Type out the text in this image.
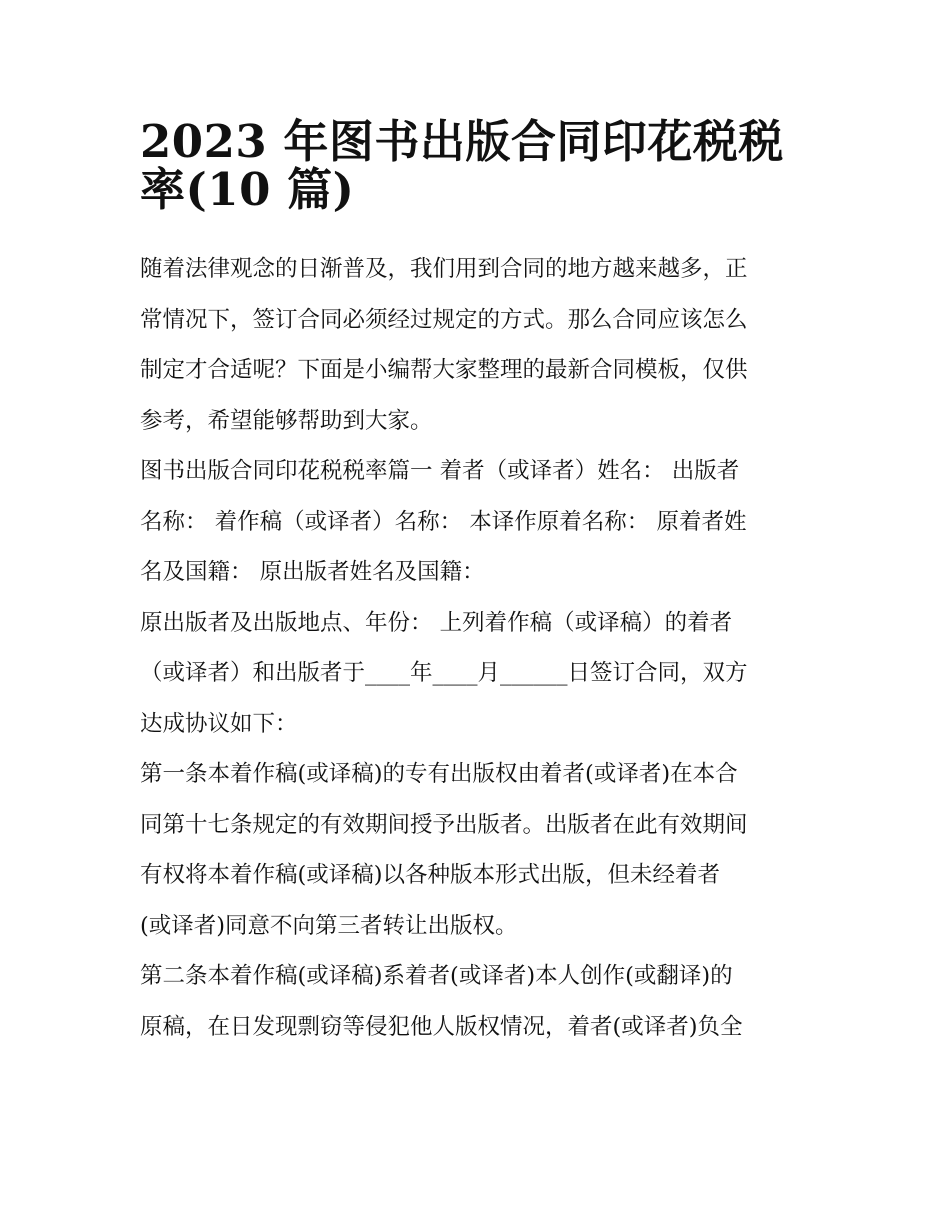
2023 年图书出版合同印花税税
率(10 篇)
随着法律观念的日渐普及，我们用到合同的地方越来越多，正
常情况下，签订合同必须经过规定的方式。那么合同应该怎么
制定才合适呢？下面是小编帮大家整理的最新合同模板，仅供
参考，希望能够帮助到大家。
图书出版合同印花税税率篇一 着者（或译者）姓名： 出版者
名称： 着作稿（或译者）名称： 本译作原着名称： 原着者姓
名及国籍： 原出版者姓名及国籍：
原出版者及出版地点、年份： 上列着作稿（或译稿）的着者
（或译者）和出版者于____年____月______日签订合同，双方
达成协议如下：
第一条本着作稿(或译稿)的专有出版权由着者(或译者)在本合
同第十七条规定的有效期间授予出版者。出版者在此有效期间
有权将本着作稿(或译稿)以各种版本形式出版，但未经着者
(或译者)同意不向第三者转让出版权。
第二条本着作稿(或译稿)系着者(或译者)本人创作(或翻译)的
原稿，在日发现剽窃等侵犯他人版权情况，着者(或译者)负全
